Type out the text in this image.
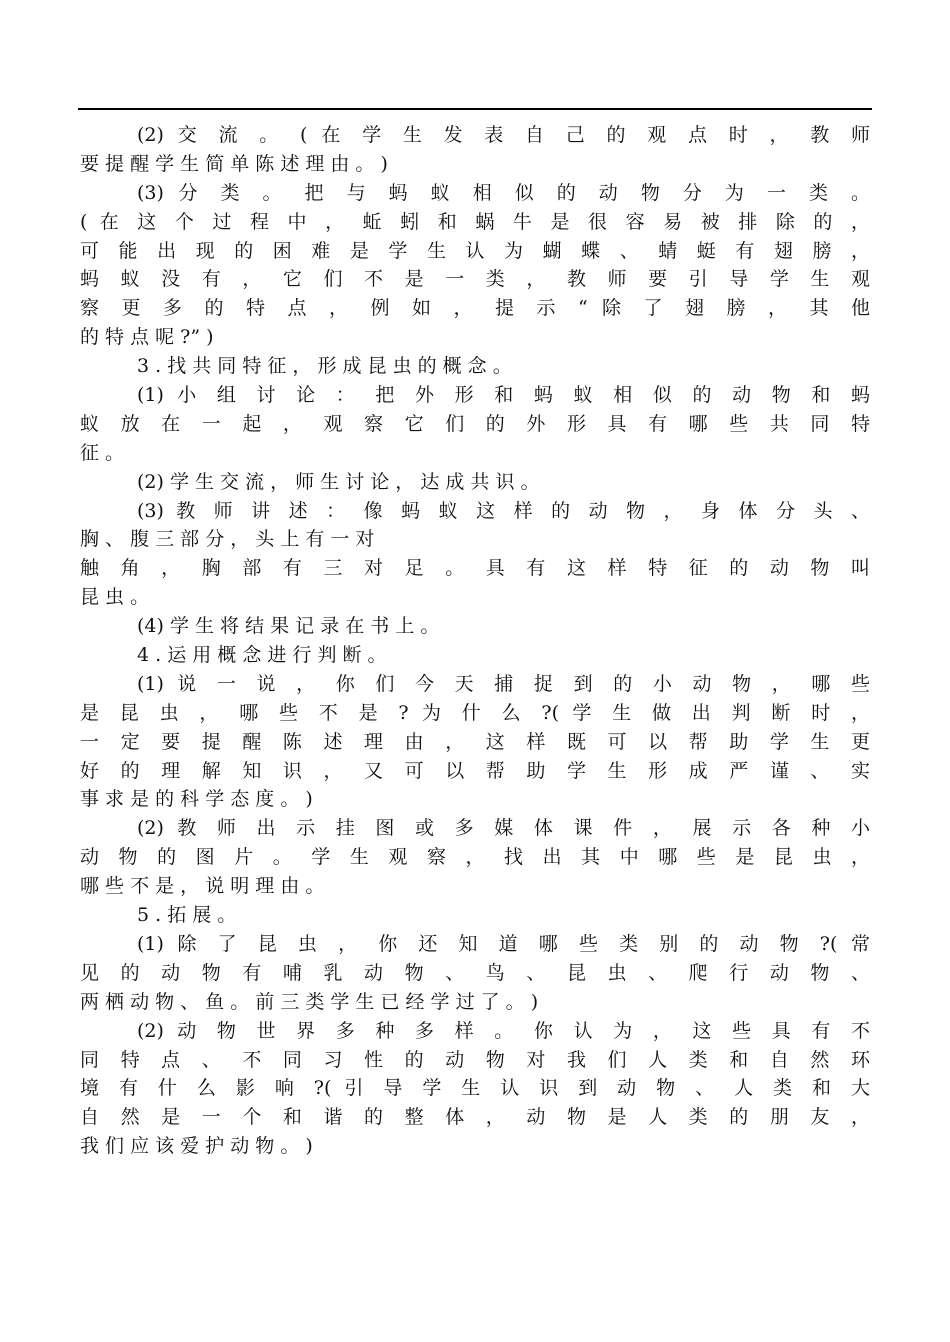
(2) 交 流 。 ( 在 学 生 发 表 自 己 的 观 点 时 ， 教 师
要 提 醒 学 生 简 单 陈 述 理 由 。 )
(3) 分 类 。 把 与 蚂 蚁 相 似 的 动 物 分 为 一 类 。
( 在 这 个 过 程 中 ， 蚯 蚓 和 蜗 牛 是 很 容 易 被 排 除 的 ，
可 能 出 现 的 困 难 是 学 生 认 为 蝴 蝶 、 蜻 蜓 有 翅 膀 ，
蚂 蚁 没 有 ， 它 们 不 是 一 类 ， 教 师 要 引 导 学 生 观
察 更 多 的 特 点 ， 例 如 ， 提 示 “ 除 了 翅 膀 ， 其 他
的 特 点 呢 ?” )
3 . 找 共 同 特 征 ， 形 成 昆 虫 的 概 念 。
(1) 小 组 讨 论 ： 把 外 形 和 蚂 蚁 相 似 的 动 物 和 蚂
蚁 放 在 一 起 ， 观 察 它 们 的 外 形 具 有 哪 些 共 同 特
征 。
(2) 学 生 交 流 ， 师 生 讨 论 ， 达 成 共 识 。
(3) 教 师 讲 述 ： 像 蚂 蚁 这 样 的 动 物 ， 身 体 分 头 、
胸 、 腹 三 部 分 ， 头 上 有 一 对
触 角 ， 胸 部 有 三 对 足 。 具 有 这 样 特 征 的 动 物 叫
昆 虫 。
(4) 学 生 将 结 果 记 录 在 书 上 。
4 . 运 用 概 念 进 行 判 断 。
(1) 说 一 说 ， 你 们 今 天 捕 捉 到 的 小 动 物 ， 哪 些
是 昆 虫 ， 哪 些 不 是 ? 为 什 么 ?( 学 生 做 出 判 断 时 ，
一 定 要 提 醒 陈 述 理 由 ， 这 样 既 可 以 帮 助 学 生 更
好 的 理 解 知 识 ， 又 可 以 帮 助 学 生 形 成 严 谨 、 实
事 求 是 的 科 学 态 度 。 )
(2) 教 师 出 示 挂 图 或 多 媒 体 课 件 ， 展 示 各 种 小
动 物 的 图 片 。 学 生 观 察 ， 找 出 其 中 哪 些 是 昆 虫 ，
哪 些 不 是 ， 说 明 理 由 。
5 . 拓 展 。
(1) 除 了 昆 虫 ， 你 还 知 道 哪 些 类 别 的 动 物 ?( 常
见 的 动 物 有 哺 乳 动 物 、 鸟 、 昆 虫 、 爬 行 动 物 、
两 栖 动 物 、 鱼 。 前 三 类 学 生 已 经 学 过 了 。 )
(2) 动 物 世 界 多 种 多 样 。 你 认 为 ， 这 些 具 有 不
同 特 点 、 不 同 习 性 的 动 物 对 我 们 人 类 和 自 然 环
境 有 什 么 影 响 ?( 引 导 学 生 认 识 到 动 物 、 人 类 和 大
自 然 是 一 个 和 谐 的 整 体 ， 动 物 是 人 类 的 朋 友 ，
我 们 应 该 爱 护 动 物 。 )
